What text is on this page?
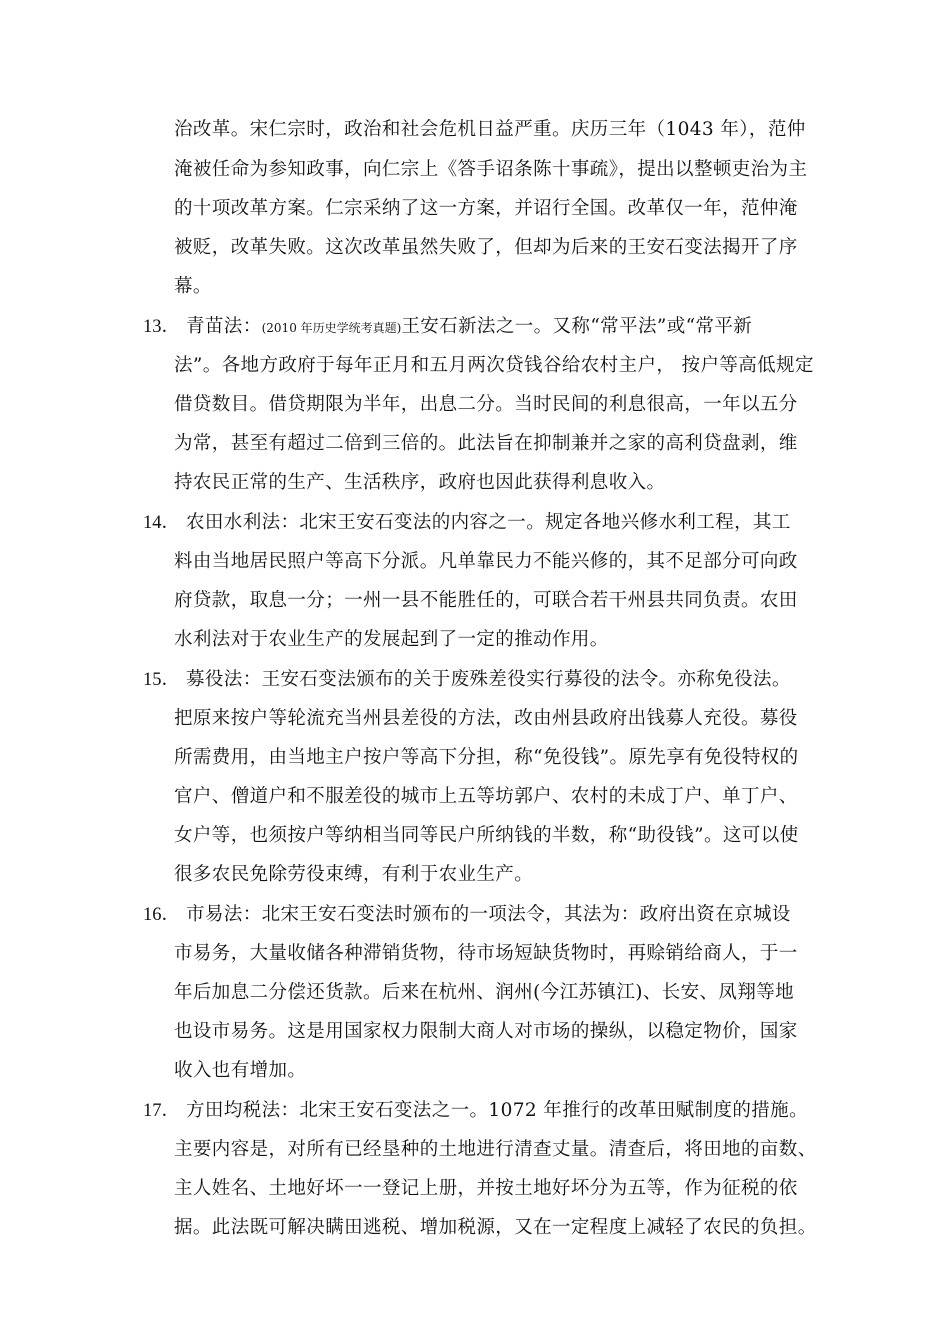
治改革。宋仁宗时，政治和社会危机日益严重。庆历三年（1043 年），范仲
淹被任命为参知政事，向仁宗上《答手诏条陈十事疏》，提出以整顿吏治为主
的十项改革方案。仁宗采纳了这一方案，并诏行全国。改革仅一年，范仲淹
被贬，改革失败。这次改革虽然失败了，但却为后来的王安石变法揭开了序
幕。
13． 青苗法：(2010 年历史学统考真题)王安石新法之一。又称“常平法”或“常平新
法”。各地方政府于每年正月和五月两次贷钱谷给农村主户， 按户等高低规定
借贷数目。借贷期限为半年，出息二分。当时民间的利息很高，一年以五分
为常，甚至有超过二倍到三倍的。此法旨在抑制兼并之家的高利贷盘剥，维
持农民正常的生产、生活秩序，政府也因此获得利息收入。
14． 农田水利法：北宋王安石变法的内容之一。规定各地兴修水利工程，其工
料由当地居民照户等高下分派。凡单靠民力不能兴修的，其不足部分可向政
府贷款，取息一分；一州一县不能胜任的，可联合若干州县共同负责。农田
水利法对于农业生产的发展起到了一定的推动作用。
15． 募役法：王安石变法颁布的关于废殊差役实行募役的法令。亦称免役法。
把原来按户等轮流充当州县差役的方法，改由州县政府出钱募人充役。募役
所需费用，由当地主户按户等高下分担，称“免役钱”。原先享有免役特权的
官户、僧道户和不服差役的城市上五等坊郭户、农村的未成丁户、单丁户、
女户等，也须按户等纳相当同等民户所纳钱的半数，称“助役钱”。这可以使
很多农民免除劳役束缚，有利于农业生产。
16． 市易法：北宋王安石变法时颁布的一项法令，其法为：政府出资在京城设
市易务，大量收储各种滞销货物，待市场短缺货物时，再赊销给商人，于一
年后加息二分偿还货款。后来在杭州、润州(今江苏镇江)、长安、凤翔等地
也设市易务。这是用国家权力限制大商人对市场的操纵，以稳定物价，国家
收入也有增加。
17． 方田均税法：北宋王安石变法之一。1072 年推行的改革田赋制度的措施。
主要内容是，对所有已经垦种的土地进行清查丈量。清查后，将田地的亩数、
主人姓名、土地好坏一一登记上册，并按土地好坏分为五等，作为征税的依
据。此法既可解决瞒田逃税、增加税源，又在一定程度上减轻了农民的负担。
